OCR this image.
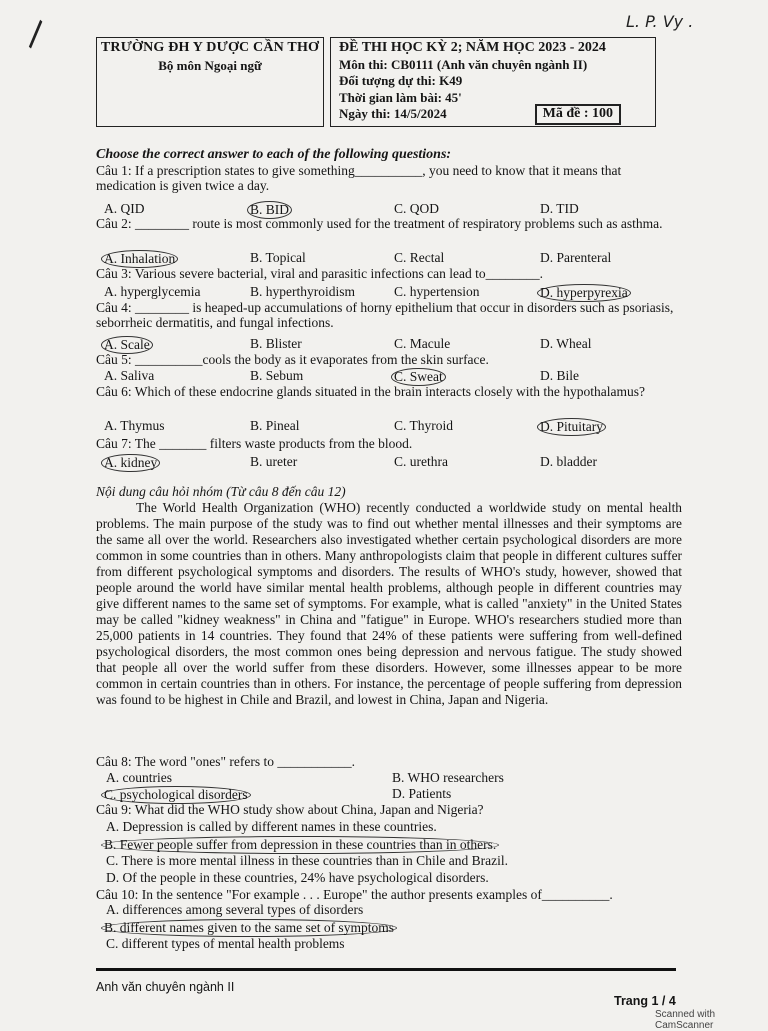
\	L. P. Vy .
TRƯỜNG ĐH Y DƯỢC CẦN THƠ
Bộ môn Ngoại ngữ
ĐỀ THI HỌC KỲ 2; NĂM HỌC 2023 - 2024
Môn thi: CB0111 (Anh văn chuyên ngành II)
Đối tượng dự thi: K49
Thời gian làm bài: 45'
Ngày thi: 14/5/2024	Mã đề : 100
Choose the correct answer to each of the following questions:
Câu 1: If a prescription states to give something__________, you need to know that it means that medication is given twice a day.
A. QID	B. BID	C. QOD	D. TID
Câu 2: ________ route is most commonly used for the treatment of respiratory problems such as asthma.
A. Inhalation	B. Topical	C. Rectal	D. Parenteral
Câu 3: Various severe bacterial, viral and parasitic infections can lead to________.
A. hyperglycemia	B. hyperthyroidism	C. hypertension	D. hyperpyrexia
Câu 4: ________ is heaped-up accumulations of horny epithelium that occur in disorders such as psoriasis, seborrheic dermatitis, and fungal infections.
A. Scale	B. Blister	C. Macule	D. Wheal
Câu 5: __________cools the body as it evaporates from the skin surface.
A. Saliva	B. Sebum	C. Sweat	D. Bile
Câu 6: Which of these endocrine glands situated in the brain interacts closely with the hypothalamus?
A. Thymus	B. Pineal	C. Thyroid	D. Pituitary
Câu 7: The _______ filters waste products from the blood.
A. kidney	B. ureter	C. urethra	D. bladder
Nội dung câu hỏi nhóm (Từ câu 8 đến câu 12)
The World Health Organization (WHO) recently conducted a worldwide study on mental health problems. The main purpose of the study was to find out whether mental illnesses and their symptoms are the same all over the world. Researchers also investigated whether certain psychological disorders are more common in some countries than in others. Many anthropologists claim that people in different cultures suffer from different psychological symptoms and disorders. The results of WHO's study, however, showed that people around the world have similar mental health problems, although people in different countries may give different names to the same set of symptoms. For example, what is called "anxiety" in the United States may be called "kidney weakness" in China and "fatigue" in Europe. WHO's researchers studied more than 25,000 patients in 14 countries. They found that 24% of these patients were suffering from well-defined psychological disorders, the most common ones being depression and nervous fatigue. The study showed that people all over the world suffer from these disorders. However, some illnesses appear to be more common in certain countries than in others. For instance, the percentage of people suffering from depression was found to be highest in Chile and Brazil, and lowest in China, Japan and Nigeria.
Câu 8: The word "ones" refers to ___________.
A. countries	B. WHO researchers
C. psychological disorders	D. Patients
Câu 9: What did the WHO study show about China, Japan and Nigeria?
A. Depression is called by different names in these countries.
B. Fewer people suffer from depression in these countries than in others.
C. There is more mental illness in these countries than in Chile and Brazil.
D. Of the people in these countries, 24% have psychological disorders.
Câu 10: In the sentence "For example . . . Europe" the author presents examples of__________.
A. differences among several types of disorders
B. different names given to the same set of symptoms
C. different types of mental health problems
Anh văn chuyên ngành II
Trang 1 / 4
Scanned with CamScanner
